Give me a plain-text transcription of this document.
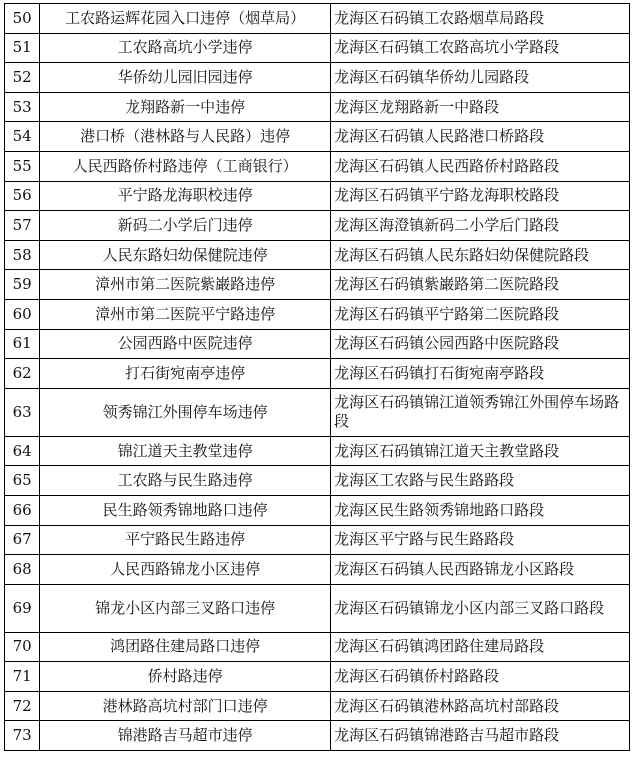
50	工农路运辉花园入口违停（烟草局）	龙海区石码镇工农路烟草局路段
51	工农路高坑小学违停	龙海区石码镇工农路高坑小学路段
52	华侨幼儿园旧园违停	龙海区石码镇华侨幼儿园路段
53	龙翔路新一中违停	龙海区龙翔路新一中路段
54	港口桥（港林路与人民路）违停	龙海区石码镇人民路港口桥路段
55	人民西路侨村路违停（工商银行）	龙海区石码镇人民西路侨村路路段
56	平宁路龙海职校违停	龙海区石码镇平宁路龙海职校路段
57	新码二小学后门违停	龙海区海澄镇新码二小学后门路段
58	人民东路妇幼保健院违停	龙海区石码镇人民东路妇幼保健院路段
59	漳州市第二医院紫巌路违停	龙海区石码镇紫巌路第二医院路段
60	漳州市第二医院平宁路违停	龙海区石码镇平宁路第二医院路段
61	公园西路中医院违停	龙海区石码镇公园西路中医院路段
62	打石街宛南亭违停	龙海区石码镇打石街宛南亭路段
63	领秀锦江外围停车场违停	龙海区石码镇锦江道领秀锦江外围停车场路段
64	锦江道天主教堂违停	龙海区石码镇锦江道天主教堂路段
65	工农路与民生路违停	龙海区工农路与民生路路段
66	民生路领秀锦地路口违停	龙海区民生路领秀锦地路口路段
67	平宁路民生路违停	龙海区平宁路与民生路路段
68	人民西路锦龙小区违停	龙海区石码镇人民西路锦龙小区路段
69	锦龙小区内部三叉路口违停	龙海区石码镇锦龙小区内部三叉路口路段
70	鸿团路住建局路口违停	龙海区石码镇鸿团路住建局路段
71	侨村路违停	龙海区石码镇侨村路路段
72	港林路高坑村部门口违停	龙海区石码镇港林路高坑村部路段
73	锦港路吉马超市违停	龙海区石码镇锦港路吉马超市路段
